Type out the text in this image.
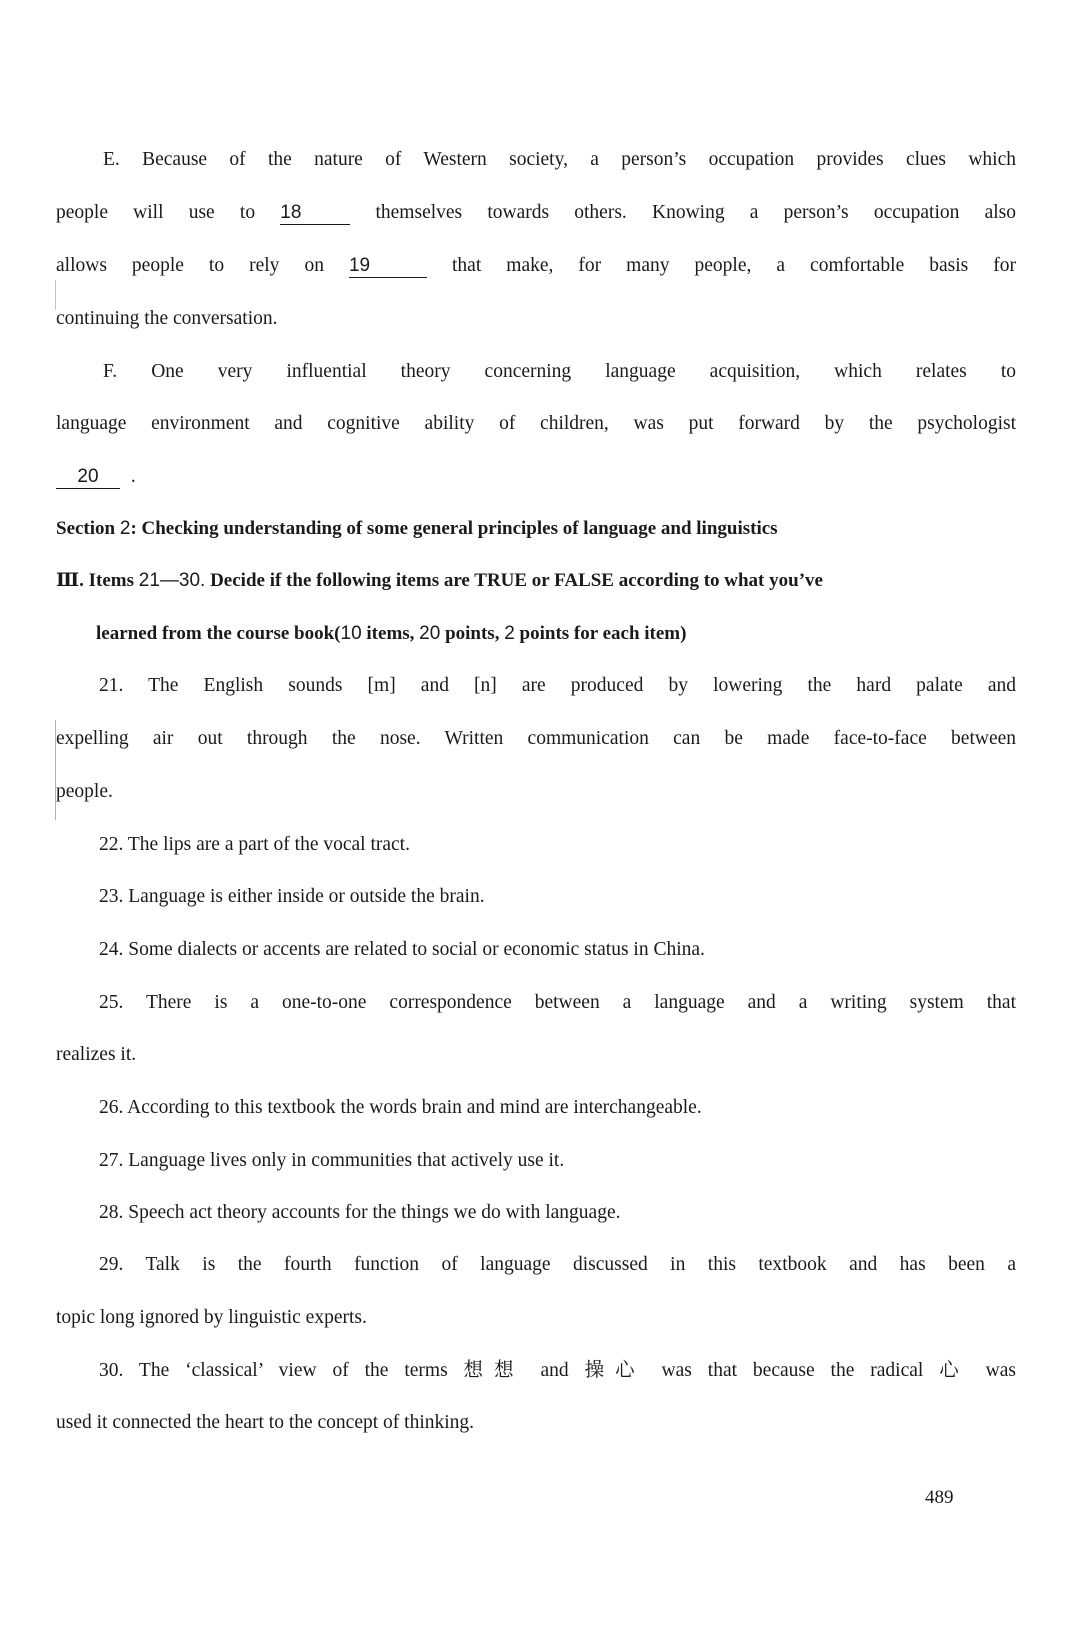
E. Because of the nature of Western society, a person’s occupation provides clues which
people will use to 18	themselves towards others. Knowing a person’s occupation also
allows people to rely on 19	that make, for many people, a comfortable basis for
continuing the conversation.
F. One very influential theory concerning language acquisition, which relates to
language environment and cognitive ability of children, was put forward by the psychologist
20 .
Section 2: Checking understanding of some general principles of language and linguistics
Ⅲ. Items 21—30. Decide if the following items are TRUE or FALSE according to what you’ve
learned from the course book(10 items, 20 points, 2 points for each item)
21. The English sounds [m] and [n] are produced by lowering the hard palate and
expelling air out through the nose. Written communication can be made face-to-face between
people.
22. The lips are a part of the vocal tract.
23. Language is either inside or outside the brain.
24. Some dialects or accents are related to social or economic status in China.
25. There is a one-to-one correspondence between a language and a writing system that
realizes it.
26. According to this textbook the words brain and mind are interchangeable.
27. Language lives only in communities that actively use it.
28. Speech act theory accounts for the things we do with language.
29. Talk is the fourth function of language discussed in this textbook and has been a
topic long ignored by linguistic experts.
30. The ‘classical’ view of the terms 想想 and 操心 was that because the radical 心 was
used it connected the heart to the concept of thinking.
489
